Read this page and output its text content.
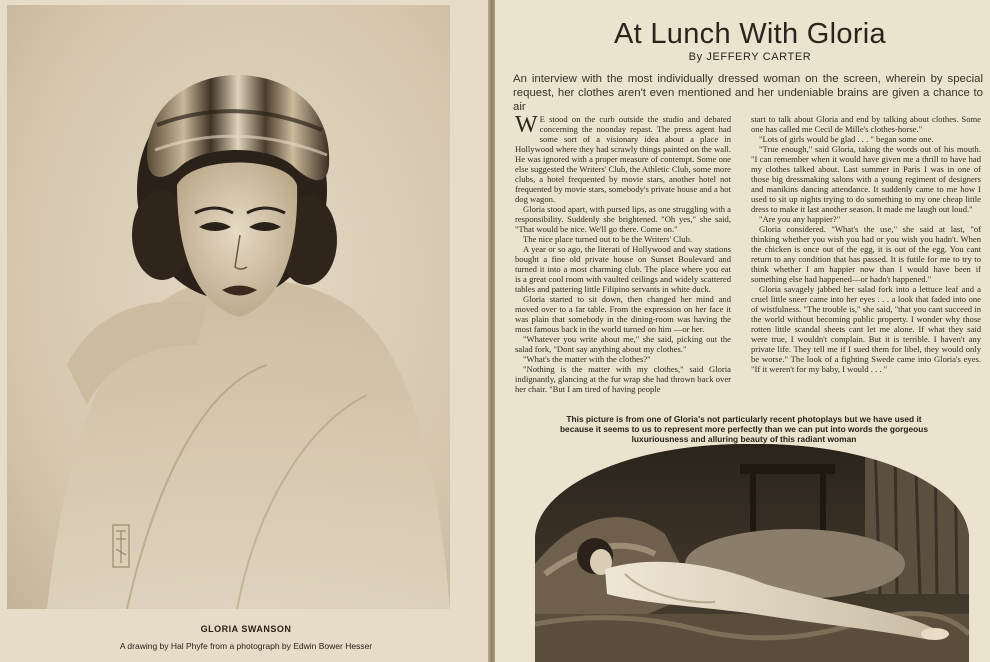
GLORIA SWANSON
A drawing by Hal Phyfe from a photograph by Edwin Bower Hesser
At Lunch With Gloria
By JEFFERY CARTER
An interview with the most individually dressed woman on the screen, wherein by special request, her clothes aren't even mentioned and her undeniable brains are given a chance to air

W E stood on the curb outside the studio and debated concerning the noonday repast. The press agent had some sort of a visionary idea about a place in Hollywood where they had scrawly things painted on the wall. He was ignored with a proper measure of contempt. Some one else suggested the Writers' Club, the Athletic Club, some more clubs, a hotel frequented by movie stars, another hotel not frequented by movie stars, somebody's private house and a hot dog wagon.

Gloria stood apart, with pursed lips, as one struggling with a responsibility. Suddenly she brightened. "Oh yes," she said, "That would be nice. We'll go there. Come on."

The nice place turned out to be the Writers' Club.

A year or so ago, the literati of Hollywood and way stations bought a fine old private house on Sunset Boulevard and turned it into a most charming club. The place where you eat is a great cool room with vaulted ceilings and widely scattered tables and pattering little Filipino servants in white duck.

Gloria started to sit down, then changed her mind and moved over to a far table. From the expression on her face it was plain that somebody in the dining-room was having the most famous back in the world turned on him —or her.

"Whatever you write about me," she said, picking out the salad fork, "Dont say anything about my clothes."

"What's the matter with the clothes?"

"Nothing is the matter with my clothes," said Gloria indignantly, glancing at the fur wrap she had thrown back over her chair. "But I am tired of having people

start to talk about Gloria and end by talking about clothes. Some one has called me Cecil de Mille's clothes-horse."

"Lots of girls would be glad . . . " began some one.

"True enough," said Gloria, taking the words out of his mouth. "I can remember when it would have given me a thrill to have had my clothes talked about. Last summer in Paris I was in one of those big dressmaking salons with a young regiment of designers and manikins dancing attendance. It suddenly came to me how I used to sit up nights trying to do something to my one cheap little dress to make it last another season. It made me laugh out loud."

"Are you any happier?"

Gloria considered. "What's the use," she said at last, "of thinking whether you wish you had or you wish you hadn't. When the chicken is once out of the egg, it is out of the egg. You cant return to any condition that has passed. It is futile for me to try to think whether I am happier now than I would have been if something else had happened—or hadn't happened."

Gloria savagely jabbed her salad fork into a lettuce leaf and a cruel little sneer came into her eyes . . . a look that faded into one of wistfulness. "The trouble is," she said, "that you cant succeed in the world without becoming public property. I wonder why those rotten little scandal sheets cant let me alone. If what they said were true, I wouldn't complain. But it is terrible. I haven't any private life. They tell me if I sued them for libel, they would only be worse." The look of a fighting Swede came into Gloria's eyes. "If it weren't for my baby, I would . . . "

This picture is from one of Gloria's not particularly recent photoplays but we have used it because it seems to us to represent more perfectly than we can put into words the gorgeous luxuriousness and alluring beauty of this radiant woman
